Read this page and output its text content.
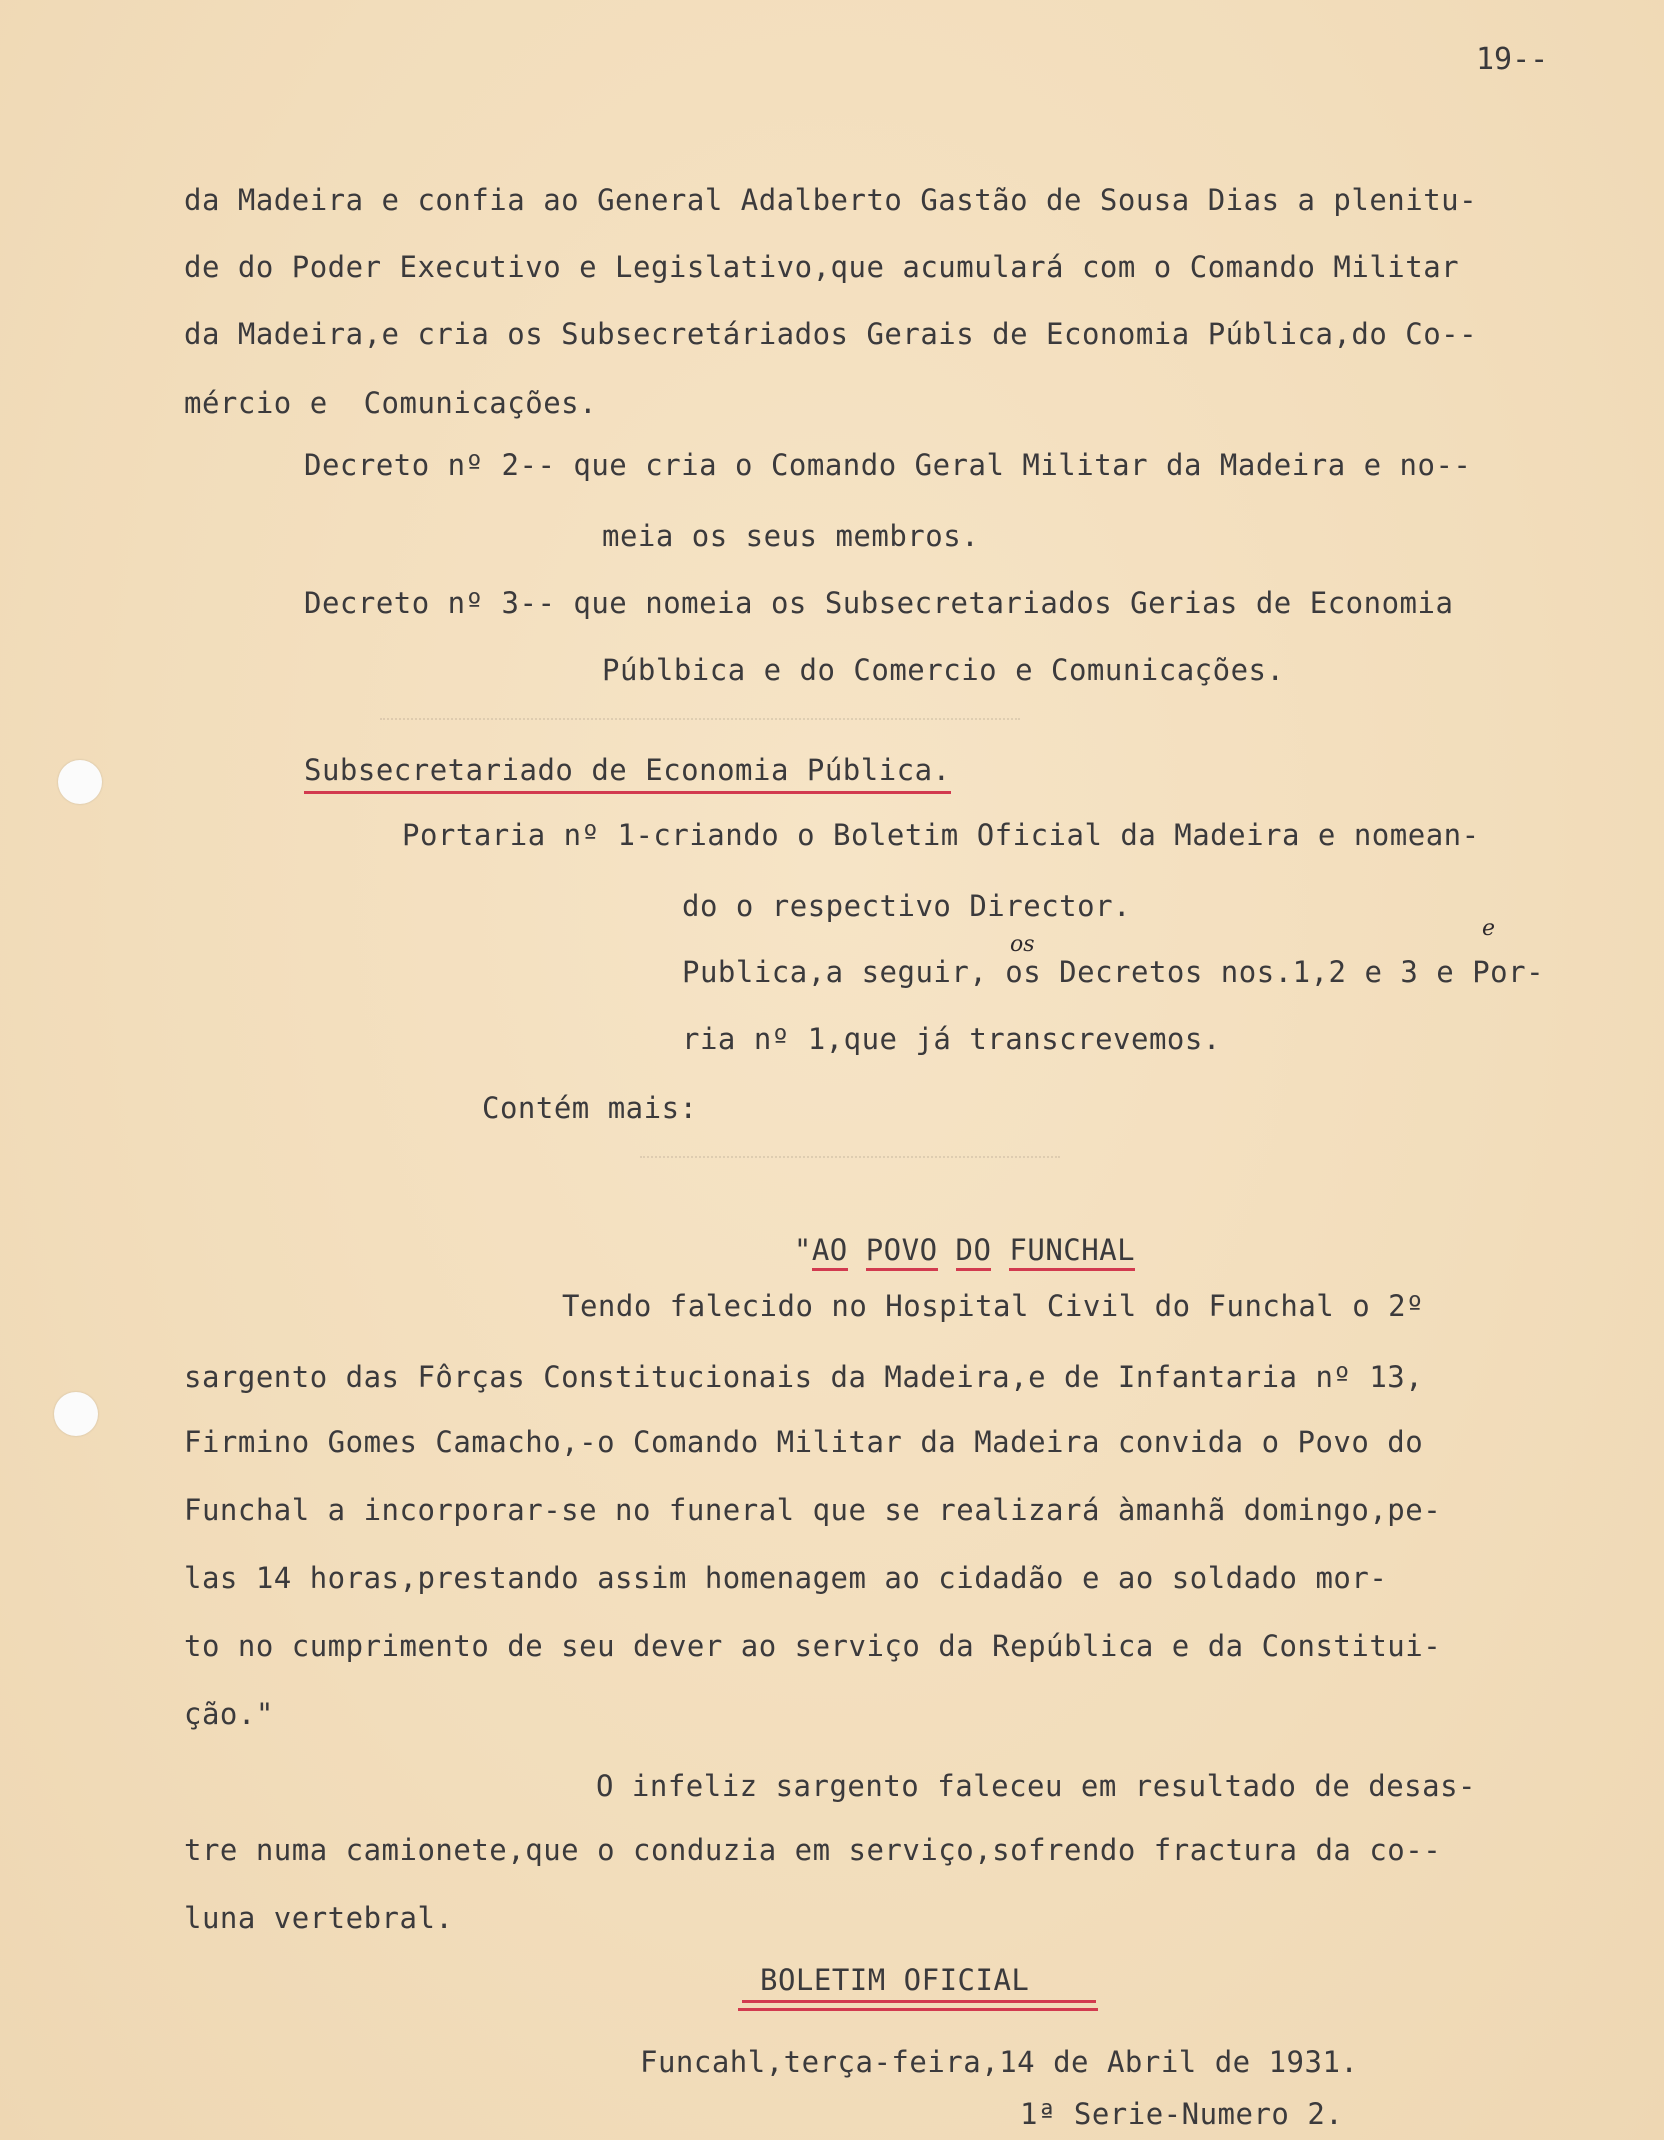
19--
da Madeira e confia ao General Adalberto Gastão de Sousa Dias a plenitu-
de do Poder Executivo e Legislativo,que acumulará com o Comando Militar
da Madeira,e cria os Subsecretáriados Gerais de Economia Pública,do Co--
mércio e  Comunicações.
Decreto nº 2-- que cria o Comando Geral Militar da Madeira e no--
meia os seus membros.
Decreto nº 3-- que nomeia os Subsecretariados Gerias de Economia
Públbica e do Comercio e Comunicações.
Subsecretariado de Economia Pública.
Portaria nº 1-criando o Boletim Oficial da Madeira e nomean-
do o respectivo Director.
os
e
Publica,a seguir, os Decretos nos.1,2 e 3 e Por-
ria nº 1,que já transcrevemos.
Contém mais:

"AO POVO DO FUNCHAL

Tendo falecido no Hospital Civil do Funchal o 2º
sargento das Fôrças Constitucionais da Madeira,e de Infantaria nº 13,
Firmino Gomes Camacho,-o Comando Militar da Madeira convida o Povo do
Funchal a incorporar-se no funeral que se realizará àmanhã domingo,pe-
las 14 horas,prestando assim homenagem ao cidadão e ao soldado mor-
to no cumprimento de seu dever ao serviço da República e da Constitui-
ção."
O infeliz sargento faleceu em resultado de desas-
tre numa camionete,que o conduzia em serviço,sofrendo fractura da co--
luna vertebral.
BOLETIM OFICIAL
Funcahl,terça-feira,14 de Abril de 1931.
1ª Serie-Numero 2.
